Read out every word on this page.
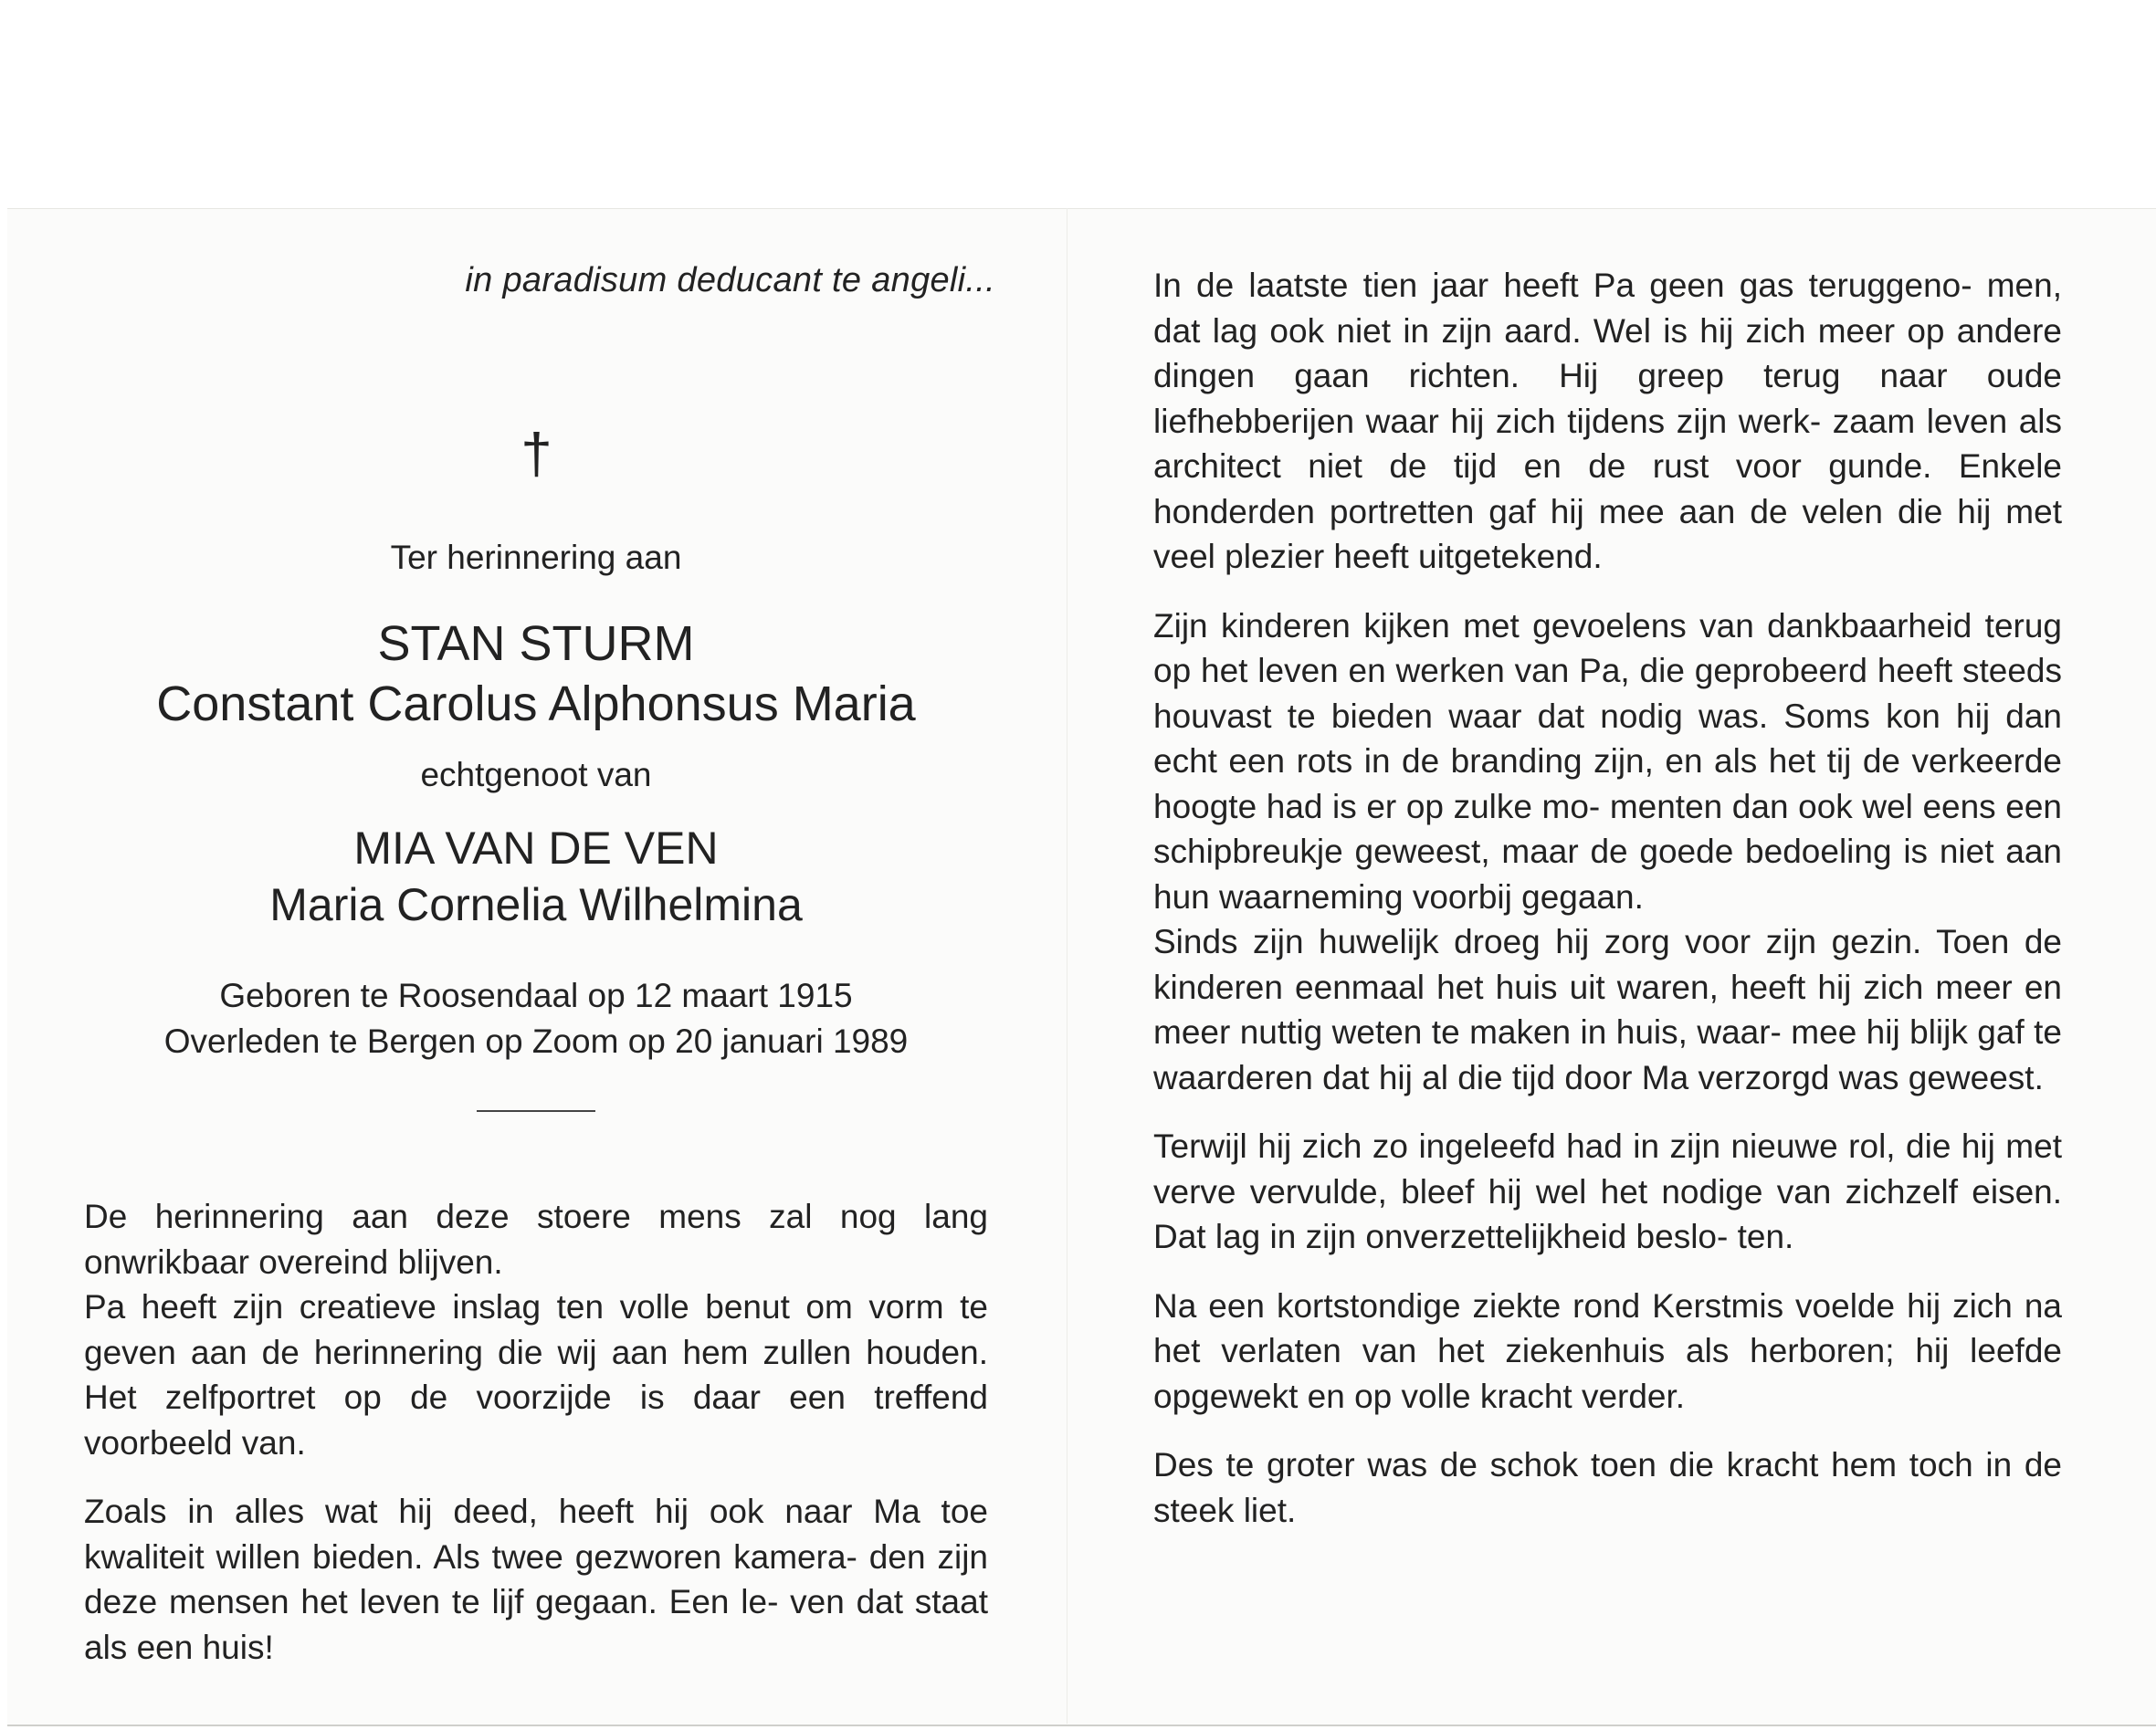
in paradisum deducant te angeli...
†

Ter herinnering aan

STAN STURM

Constant Carolus Alphonsus Maria

echtgenoot van

MIA VAN DE VEN

Maria Cornelia Wilhelmina

Geboren te Roosendaal op 12 maart 1915

Overleden te Bergen op Zoom op 20 januari 1989

De herinnering aan deze stoere mens zal nog lang onwrikbaar overeind blijven.

Pa heeft zijn creatieve inslag ten volle benut om vorm te geven aan de herinnering die wij aan hem zullen houden. Het zelfportret op de voorzijde is daar een treffend voorbeeld van.

Zoals in alles wat hij deed, heeft hij ook naar Ma toe kwaliteit willen bieden. Als twee gezworen kamera- den zijn deze mensen het leven te lijf gegaan. Een le- ven dat staat als een huis!

In de laatste tien jaar heeft Pa geen gas teruggeno- men, dat lag ook niet in zijn aard. Wel is hij zich meer op andere dingen gaan richten. Hij greep terug naar oude liefhebberijen waar hij zich tijdens zijn werk- zaam leven als architect niet de tijd en de rust voor gunde. Enkele honderden portretten gaf hij mee aan de velen die hij met veel plezier heeft uitgetekend.

Zijn kinderen kijken met gevoelens van dankbaarheid terug op het leven en werken van Pa, die geprobeerd heeft steeds houvast te bieden waar dat nodig was. Soms kon hij dan echt een rots in de branding zijn, en als het tij de verkeerde hoogte had is er op zulke mo- menten dan ook wel eens een schipbreukje geweest, maar de goede bedoeling is niet aan hun waarneming voorbij gegaan.

Sinds zijn huwelijk droeg hij zorg voor zijn gezin. Toen de kinderen eenmaal het huis uit waren, heeft hij zich meer en meer nuttig weten te maken in huis, waar- mee hij blijk gaf te waarderen dat hij al die tijd door Ma verzorgd was geweest.

Terwijl hij zich zo ingeleefd had in zijn nieuwe rol, die hij met verve vervulde, bleef hij wel het nodige van zichzelf eisen. Dat lag in zijn onverzettelijkheid beslo- ten.

Na een kortstondige ziekte rond Kerstmis voelde hij zich na het verlaten van het ziekenhuis als herboren; hij leefde opgewekt en op volle kracht verder.

Des te groter was de schok toen die kracht hem toch in de steek liet.
